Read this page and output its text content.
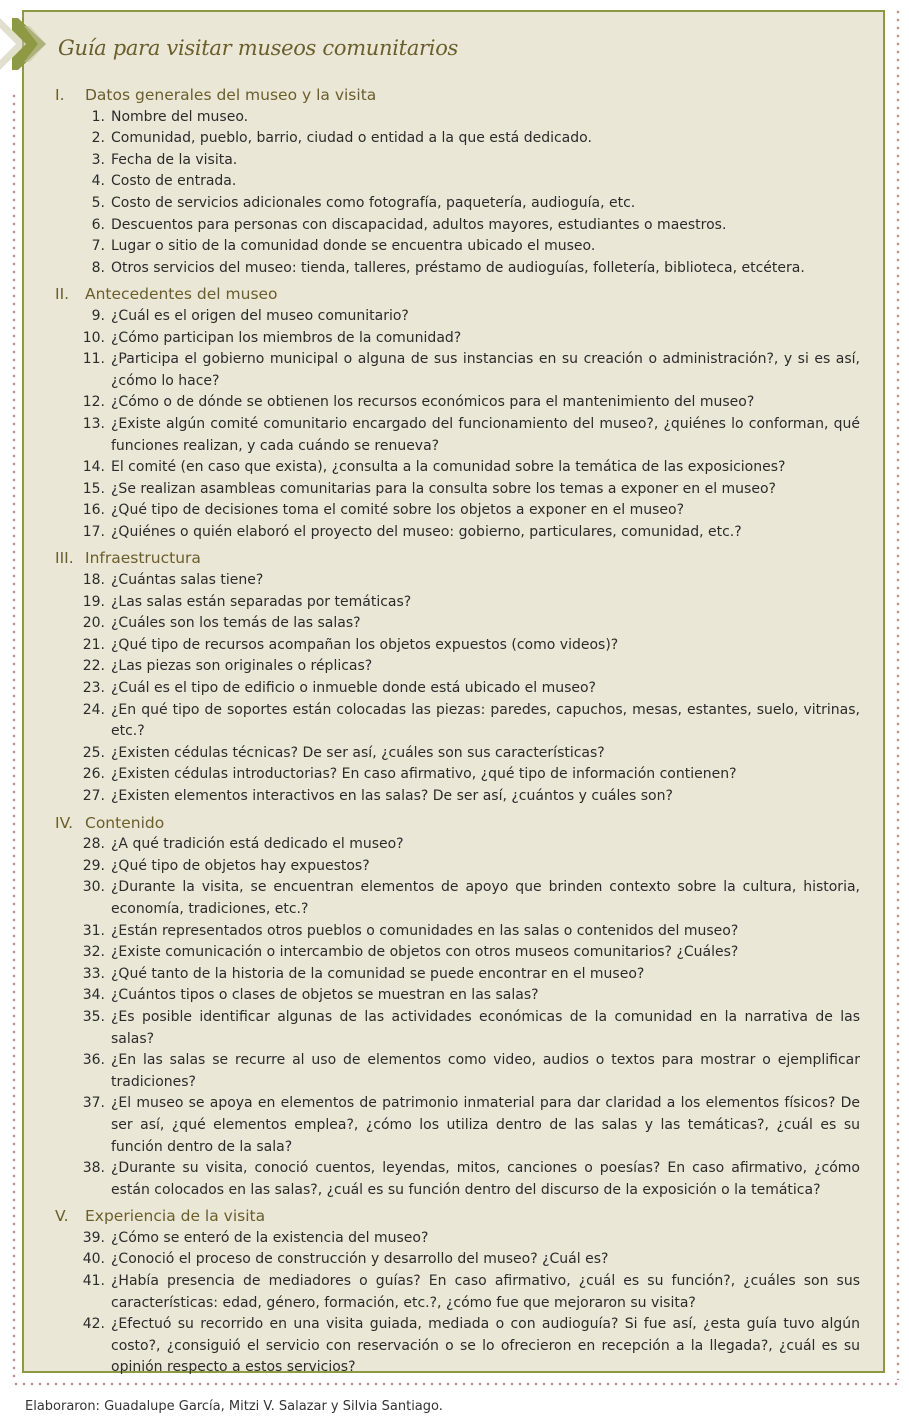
Guía para visitar museos comunitarios
I.	Datos generales del museo y la visita
1. Nombre del museo.
2. Comunidad, pueblo, barrio, ciudad o entidad a la que está dedicado.
3. Fecha de la visita.
4. Costo de entrada.
5. Costo de servicios adicionales como fotografía, paquetería, audioguía, etc.
6. Descuentos para personas con discapacidad, adultos mayores, estudiantes o maestros.
7. Lugar o sitio de la comunidad donde se encuentra ubicado el museo.
8. Otros servicios del museo: tienda, talleres, préstamo de audioguías, folletería, biblioteca, etcétera.
II.	Antecedentes del museo
9. ¿Cuál es el origen del museo comunitario?
10. ¿Cómo participan los miembros de la comunidad?
11. ¿Participa el gobierno municipal o alguna de sus instancias en su creación o administración?, y si es así, ¿cómo lo hace?
12. ¿Cómo o de dónde se obtienen los recursos económicos para el mantenimiento del museo?
13. ¿Existe algún comité comunitario encargado del funcionamiento del museo?, ¿quiénes lo conforman, qué funciones realizan, y cada cuándo se renueva?
14. El comité (en caso que exista), ¿consulta a la comunidad sobre la temática de las exposiciones?
15. ¿Se realizan asambleas comunitarias para la consulta sobre los temas a exponer en el museo?
16. ¿Qué tipo de decisiones toma el comité sobre los objetos a exponer en el museo?
17. ¿Quiénes o quién elaboró el proyecto del museo: gobierno, particulares, comunidad, etc.?
III. Infraestructura
18. ¿Cuántas salas tiene?
19. ¿Las salas están separadas por temáticas?
20. ¿Cuáles son los temás de las salas?
21. ¿Qué tipo de recursos acompañan los objetos expuestos (como videos)?
22. ¿Las piezas son originales o réplicas?
23. ¿Cuál es el tipo de edificio o inmueble donde está ubicado el museo?
24. ¿En qué tipo de soportes están colocadas las piezas: paredes, capuchos, mesas, estantes, suelo, vitrinas, etc.?
25. ¿Existen cédulas técnicas? De ser así, ¿cuáles son sus características?
26. ¿Existen cédulas introductorias? En caso afirmativo, ¿qué tipo de información contienen?
27. ¿Existen elementos interactivos en las salas? De ser así, ¿cuántos y cuáles son?
IV. Contenido
28. ¿A qué tradición está dedicado el museo?
29. ¿Qué tipo de objetos hay expuestos?
30. ¿Durante la visita, se encuentran elementos de apoyo que brinden contexto sobre la cultura, historia, economía, tradiciones, etc.?
31. ¿Están representados otros pueblos o comunidades en las salas o contenidos del museo?
32. ¿Existe comunicación o intercambio de objetos con otros museos comunitarios? ¿Cuáles?
33. ¿Qué tanto de la historia de la comunidad se puede encontrar en el museo?
34. ¿Cuántos tipos o clases de objetos se muestran en las salas?
35. ¿Es posible identificar algunas de las actividades económicas de la comunidad en la narrativa de las salas?
36. ¿En las salas se recurre al uso de elementos como video, audios o textos para mostrar o ejemplificar tradiciones?
37. ¿El museo se apoya en elementos de patrimonio inmaterial para dar claridad a los elementos físicos? De ser así, ¿qué elementos emplea?, ¿cómo los utiliza dentro de las salas y las temáticas?, ¿cuál es su función dentro de la sala?
38. ¿Durante su visita, conoció cuentos, leyendas, mitos, canciones o poesías? En caso afirmativo, ¿cómo están colocados en las salas?, ¿cuál es su función dentro del discurso de la exposición o la temática?
V.	Experiencia de la visita
39. ¿Cómo se enteró de la existencia del museo?
40. ¿Conoció el proceso de construcción y desarrollo del museo? ¿Cuál es?
41. ¿Había presencia de mediadores o guías? En caso afirmativo, ¿cuál es su función?, ¿cuáles son sus características: edad, género, formación, etc.?, ¿cómo fue que mejoraron su visita?
42. ¿Efectuó su recorrido en una visita guiada, mediada o con audioguía? Si fue así, ¿esta guía tuvo algún costo?, ¿consiguió el servicio con reservación o se lo ofrecieron en recepción a la llegada?, ¿cuál es su opinión respecto a estos servicios?
Elaboraron: Guadalupe García, Mitzi V. Salazar y Silvia Santiago.
